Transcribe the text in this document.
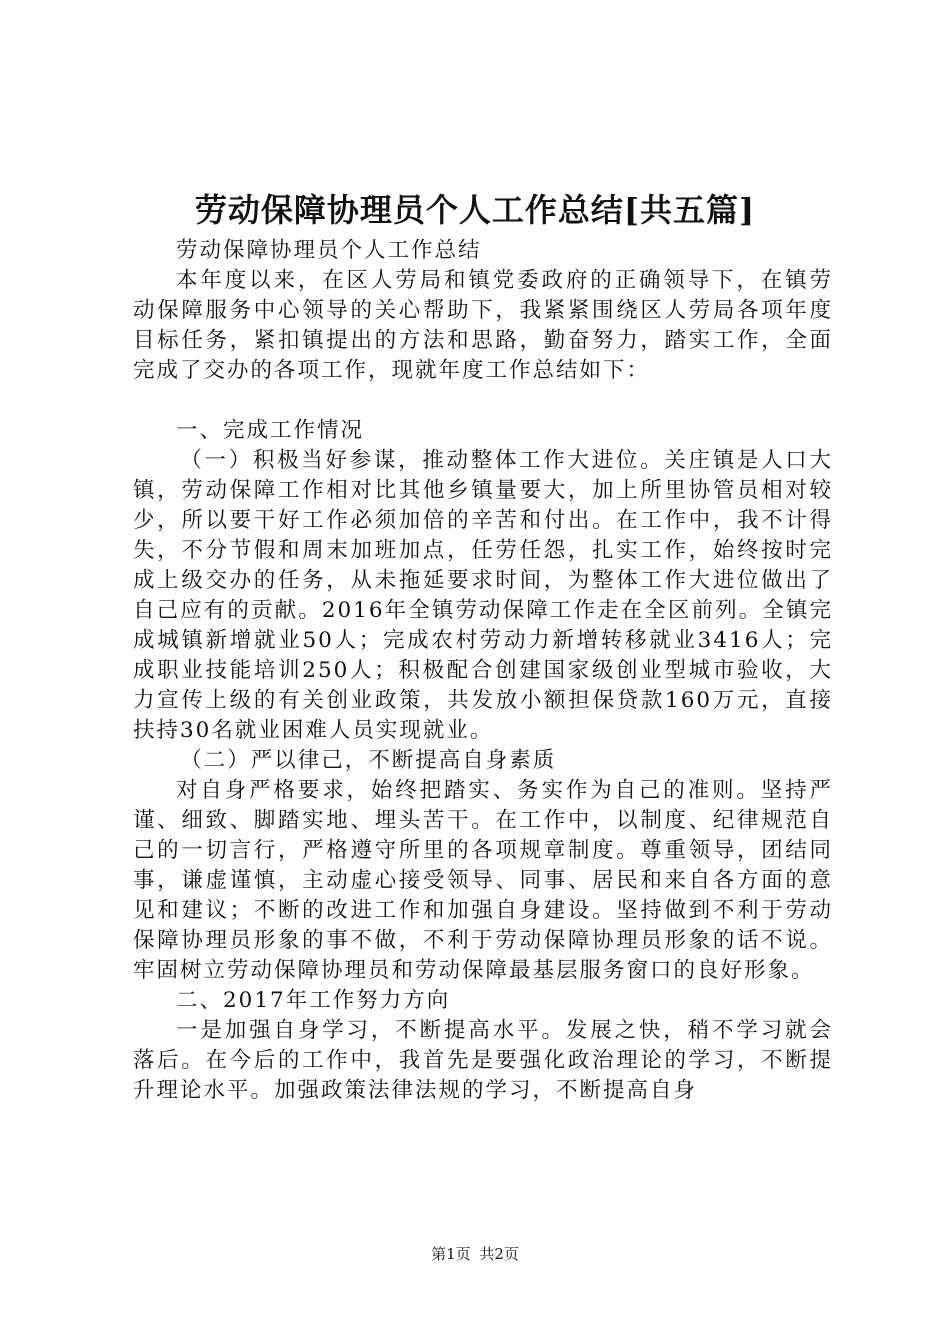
劳动保障协理员个人工作总结[共五篇]

劳动保障协理员个人工作总结

本年度以来，在区人劳局和镇党委政府的正确领导下，在镇劳动保障服务中心领导的关心帮助下，我紧紧围绕区人劳局各项年度目标任务，紧扣镇提出的方法和思路，勤奋努力，踏实工作，全面完成了交办的各项工作，现就年度工作总结如下：

一、完成工作情况

（一）积极当好参谋，推动整体工作大进位。关庄镇是人口大镇，劳动保障工作相对比其他乡镇量要大，加上所里协管员相对较少，所以要干好工作必须加倍的辛苦和付出。在工作中，我不计得失，不分节假和周末加班加点，任劳任怨，扎实工作，始终按时完成上级交办的任务，从未拖延要求时间，为整体工作大进位做出了自己应有的贡献。2016年全镇劳动保障工作走在全区前列。全镇完成城镇新增就业50人；完成农村劳动力新增转移就业3416人；完成职业技能培训250人；积极配合创建国家级创业型城市验收，大力宣传上级的有关创业政策，共发放小额担保贷款160万元，直接扶持30名就业困难人员实现就业。

（二）严以律己，不断提高自身素质

对自身严格要求，始终把踏实、务实作为自己的准则。坚持严谨、细致、脚踏实地、埋头苦干。在工作中，以制度、纪律规范自己的一切言行，严格遵守所里的各项规章制度。尊重领导，团结同事，谦虚谨慎，主动虚心接受领导、同事、居民和来自各方面的意见和建议；不断的改进工作和加强自身建设。坚持做到不利于劳动保障协理员形象的事不做，不利于劳动保障协理员形象的话不说。牢固树立劳动保障协理员和劳动保障最基层服务窗口的良好形象。

二、2017年工作努力方向

一是加强自身学习，不断提高水平。发展之快，稍不学习就会落后。在今后的工作中，我首先是要强化政治理论的学习，不断提升理论水平。加强政策法律法规的学习，不断提高自身

第1页 共2页
